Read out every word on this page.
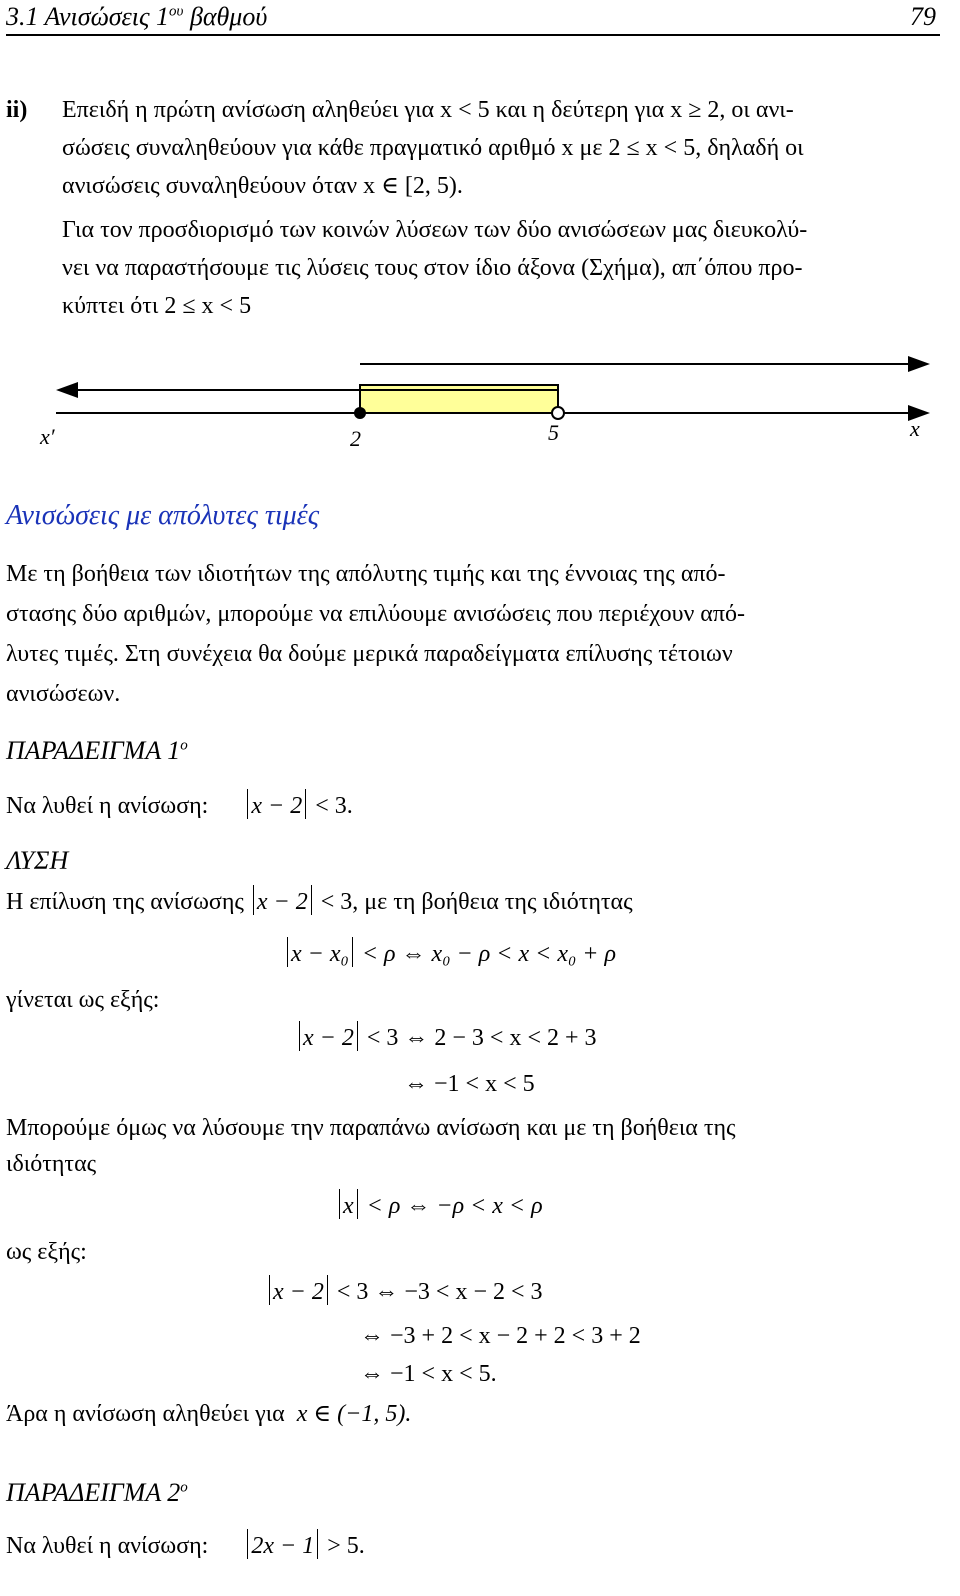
3.1 Ανισώσεις $1^{o\upsilon}$ βαθμού	79
ii) Επειδή η πρώτη ανίσωση αληθεύει για x < 5 και η δεύτερη για x ≥ 2, οι ανι-
σώσεις συναληθεύουν για κάθε πραγματικό αριθμό x με 2 ≤ x < 5, δηλαδή οι
ανισώσεις συναληθεύουν όταν x ∈ [2, 5).
Για τον προσδιορισμό των κοινών λύσεων των δύο ανισώσεων μας διευκολύ-
νει να παραστήσουμε τις λύσεις τους στον ίδιο άξονα (Σχήμα), απ΄όπου προ-
κύπτει ότι 2 ≤ x < 5
x′	x
2	5
Ανισώσεις με απόλυτες τιμές
Με τη βοήθεια των ιδιοτήτων της απόλυτης τιμής και της έννοιας της από-
στασης δύο αριθμών, μπορούμε να επιλύουμε ανισώσεις που περιέχουν από-
λυτες τιμές. Στη συνέχεια θα δούμε μερικά παραδείγματα επίλυσης τέτοιων
ανισώσεων.
ΠΑΡΑΔΕΙΓΜΑ $1^o$
Να λυθεί η ανίσωση: x − 2 < 3.
ΛΥΣΗ
Η επίλυση της ανίσωσης x − 2 < 3, με τη βοήθεια της ιδιότητας
x − x₀ < ρ ⇔ x₀ − ρ < x < x₀ + ρ
γίνεται ως εξής:
x − 2 < 3 ⇔ 2 − 3 < x < 2 + 3
⇔ −1 < x < 5
Μπορούμε όμως να λύσουμε την παραπάνω ανίσωση και με τη βοήθεια της
ιδιότητας
x < ρ ⇔ −ρ < x < ρ
ως εξής:
x − 2 < 3 ⇔ −3 < x − 2 < 3
⇔ −3 + 2 < x − 2 + 2 < 3 + 2
⇔ −1 < x < 5.
Άρα η ανίσωση αληθεύει για x ∈ (−1, 5).
ΠΑΡΑΔΕΙΓΜΑ $2^o$
Να λυθεί η ανίσωση: 2x − 1 > 5.
